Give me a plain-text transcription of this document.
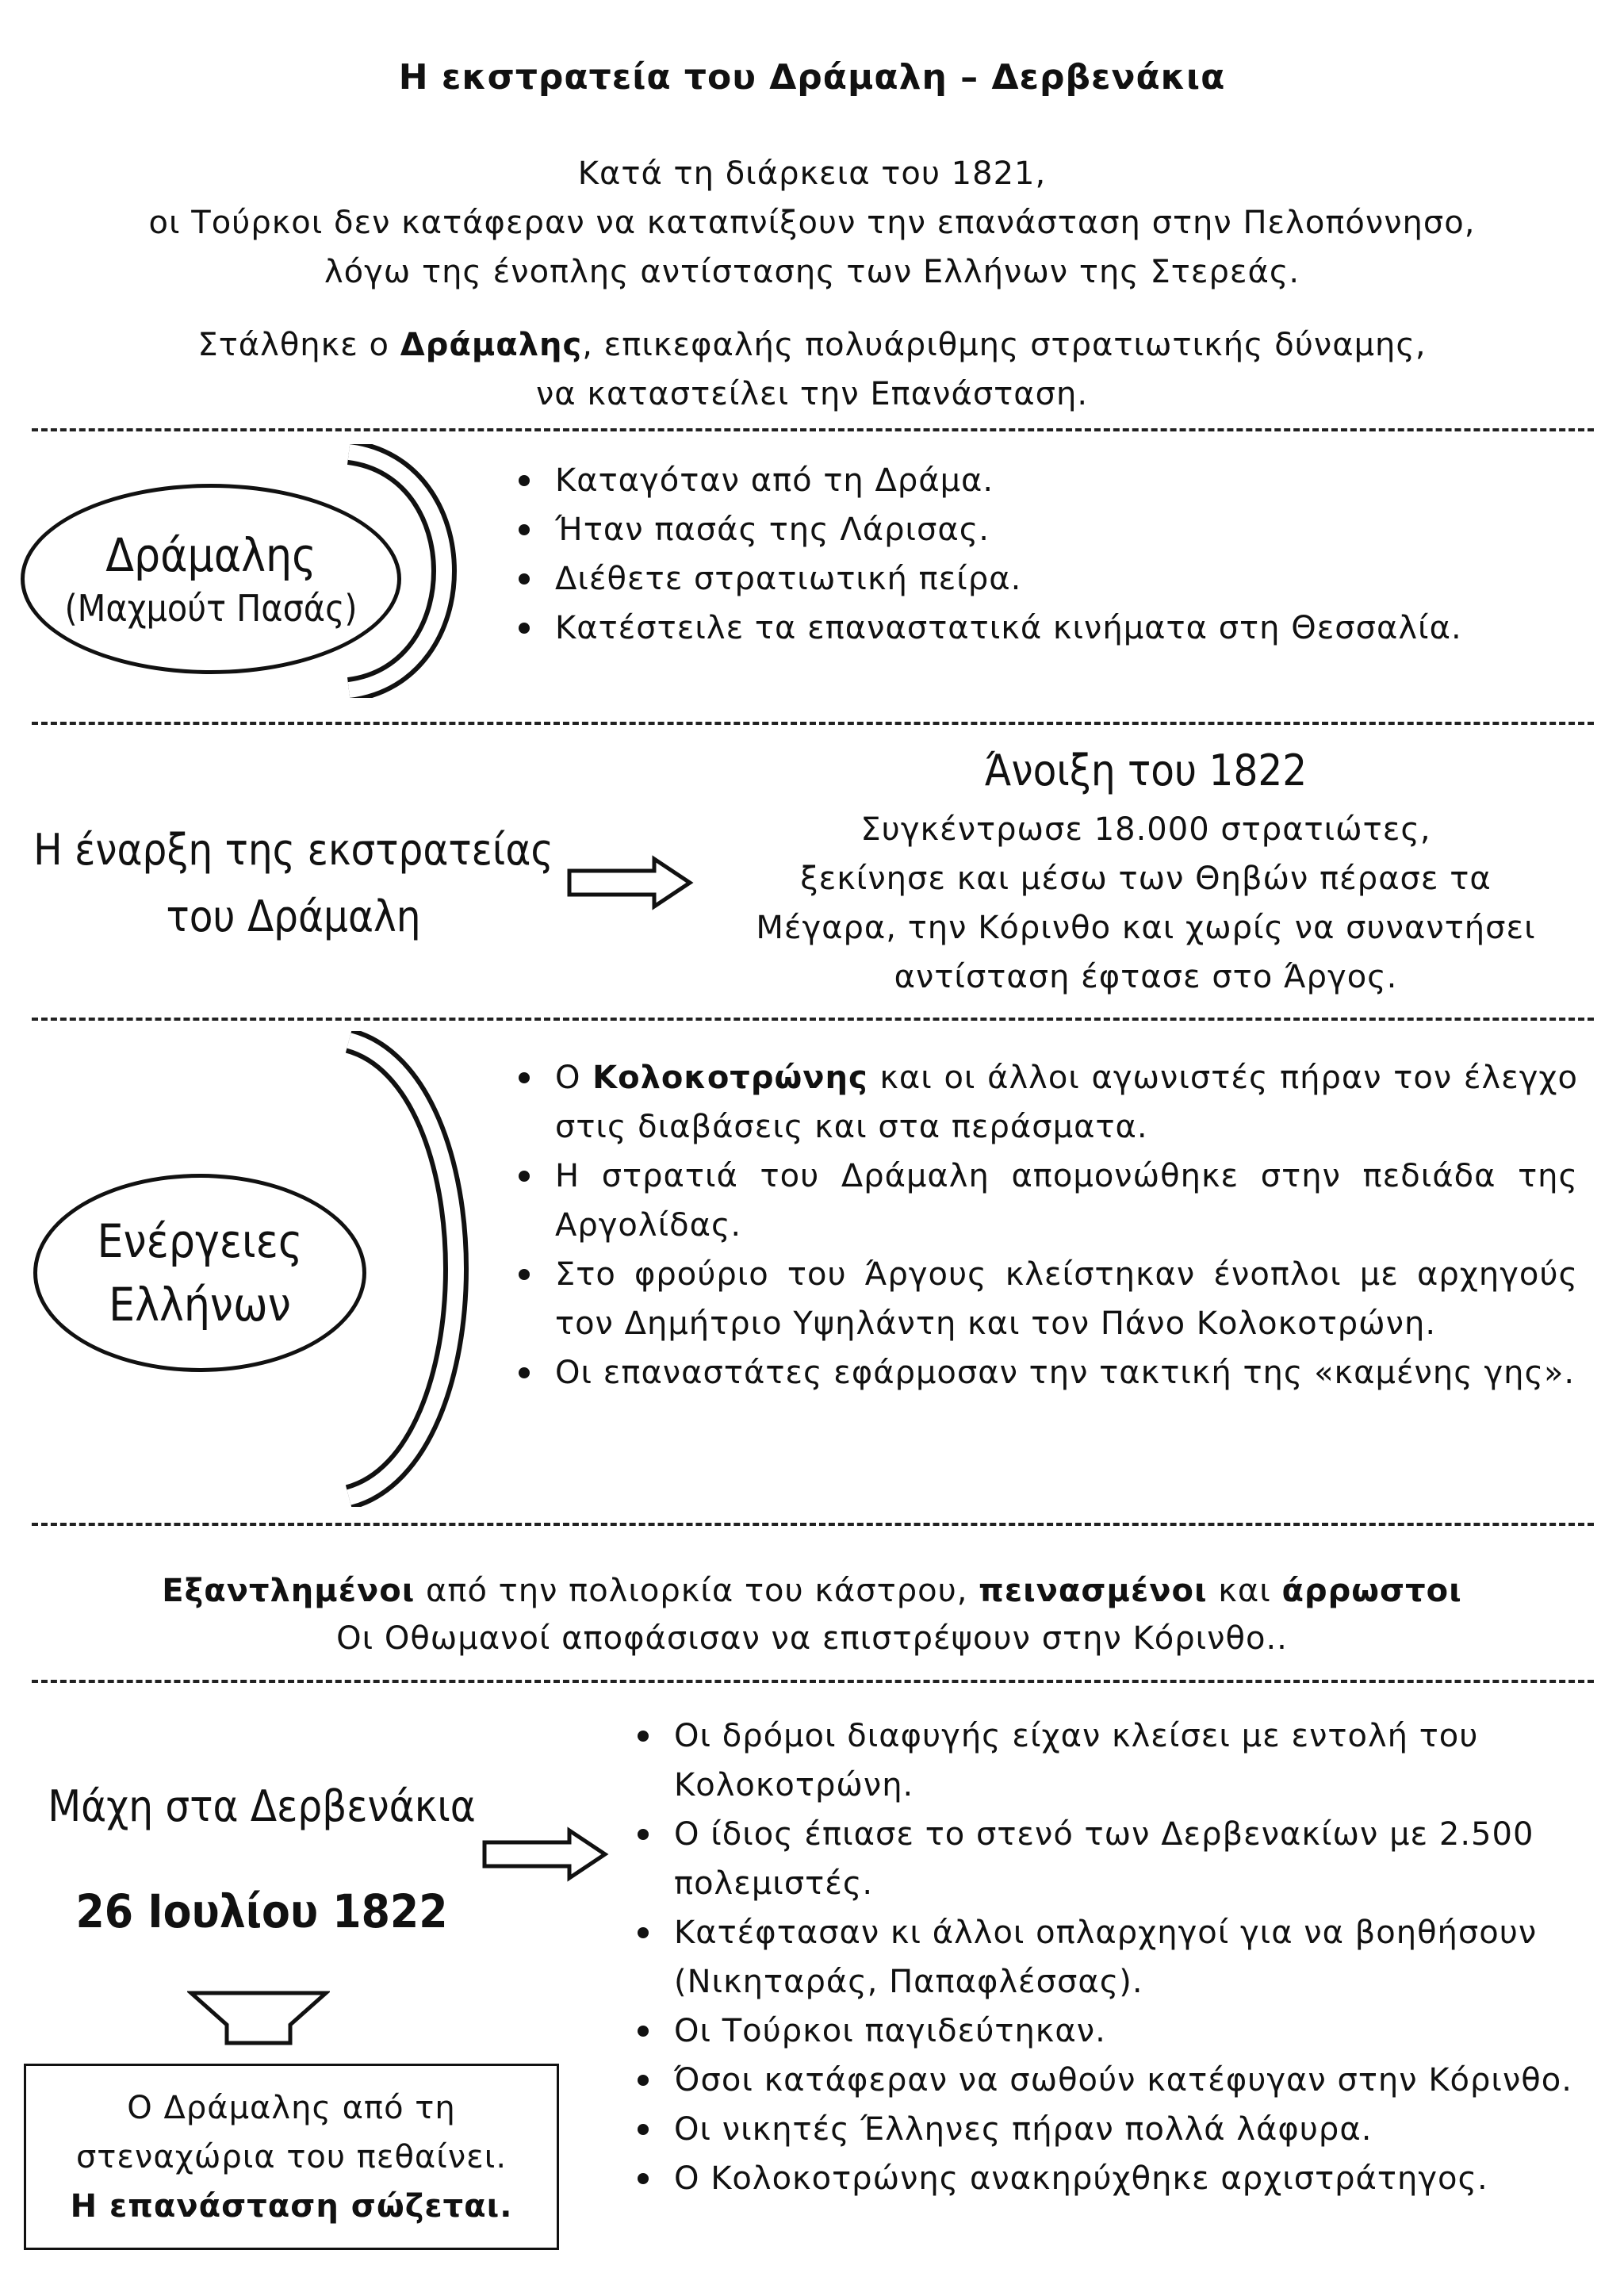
Η εκστρατεία του Δράμαλη – Δερβενάκια
Κατά τη διάρκεια του 1821,
οι Τούρκοι δεν κατάφεραν να καταπνίξουν την επανάσταση στην Πελοπόννησο,
λόγω της ένοπλης αντίστασης των Ελλήνων της Στερεάς.
Στάλθηκε ο Δράμαλης, επικεφαλής πολυάριθμης στρατιωτικής δύναμης,
να καταστείλει την Επανάσταση.
Δράμαλης
(Μαχμούτ Πασάς)
Καταγόταν από τη Δράμα.
Ήταν πασάς της Λάρισας.
Διέθετε στρατιωτική πείρα.
Κατέστειλε τα επαναστατικά κινήματα στη Θεσσαλία.
Η έναρξη της εκστρατείας
του Δράμαλη
Άνοιξη του 1822
Συγκέντρωσε 18.000 στρατιώτες,
ξεκίνησε και μέσω των Θηβών πέρασε τα
Μέγαρα, την Κόρινθο και χωρίς να συναντήσει
αντίσταση έφτασε στο Άργος.
Ενέργειες
Ελλήνων
Ο Κολοκοτρώνης και οι άλλοι αγωνιστές πήραν τον έλεγχο στις διαβάσεις και στα περάσματα.
Η στρατιά του Δράμαλη απομονώθηκε στην πεδιάδα της Αργολίδας.
Στο φρούριο του Άργους κλείστηκαν ένοπλοι με αρχηγούς τον Δημήτριο Υψηλάντη και τον Πάνο Κολοκοτρώνη.
Οι επαναστάτες εφάρμοσαν την τακτική της «καμένης γης».
Εξαντλημένοι από την πολιορκία του κάστρου, πεινασμένοι και άρρωστοι
Οι Οθωμανοί αποφάσισαν να επιστρέψουν στην Κόρινθο..
Μάχη στα Δερβενάκια
26 Ιουλίου 1822
Ο Δράμαλης από τη
στεναχώρια του πεθαίνει.
Η επανάσταση σώζεται.
Οι δρόμοι διαφυγής είχαν κλείσει με εντολή του Κολοκοτρώνη.
Ο ίδιος έπιασε το στενό των Δερβενακίων με 2.500 πολεμιστές.
Κατέφτασαν κι άλλοι οπλαρχηγοί για να βοηθήσουν (Νικηταράς, Παπαφλέσσας).
Οι Τούρκοι παγιδεύτηκαν.
Όσοι κατάφεραν να σωθούν κατέφυγαν στην Κόρινθο.
Οι νικητές Έλληνες πήραν πολλά λάφυρα.
Ο Κολοκοτρώνης ανακηρύχθηκε αρχιστράτηγος.
